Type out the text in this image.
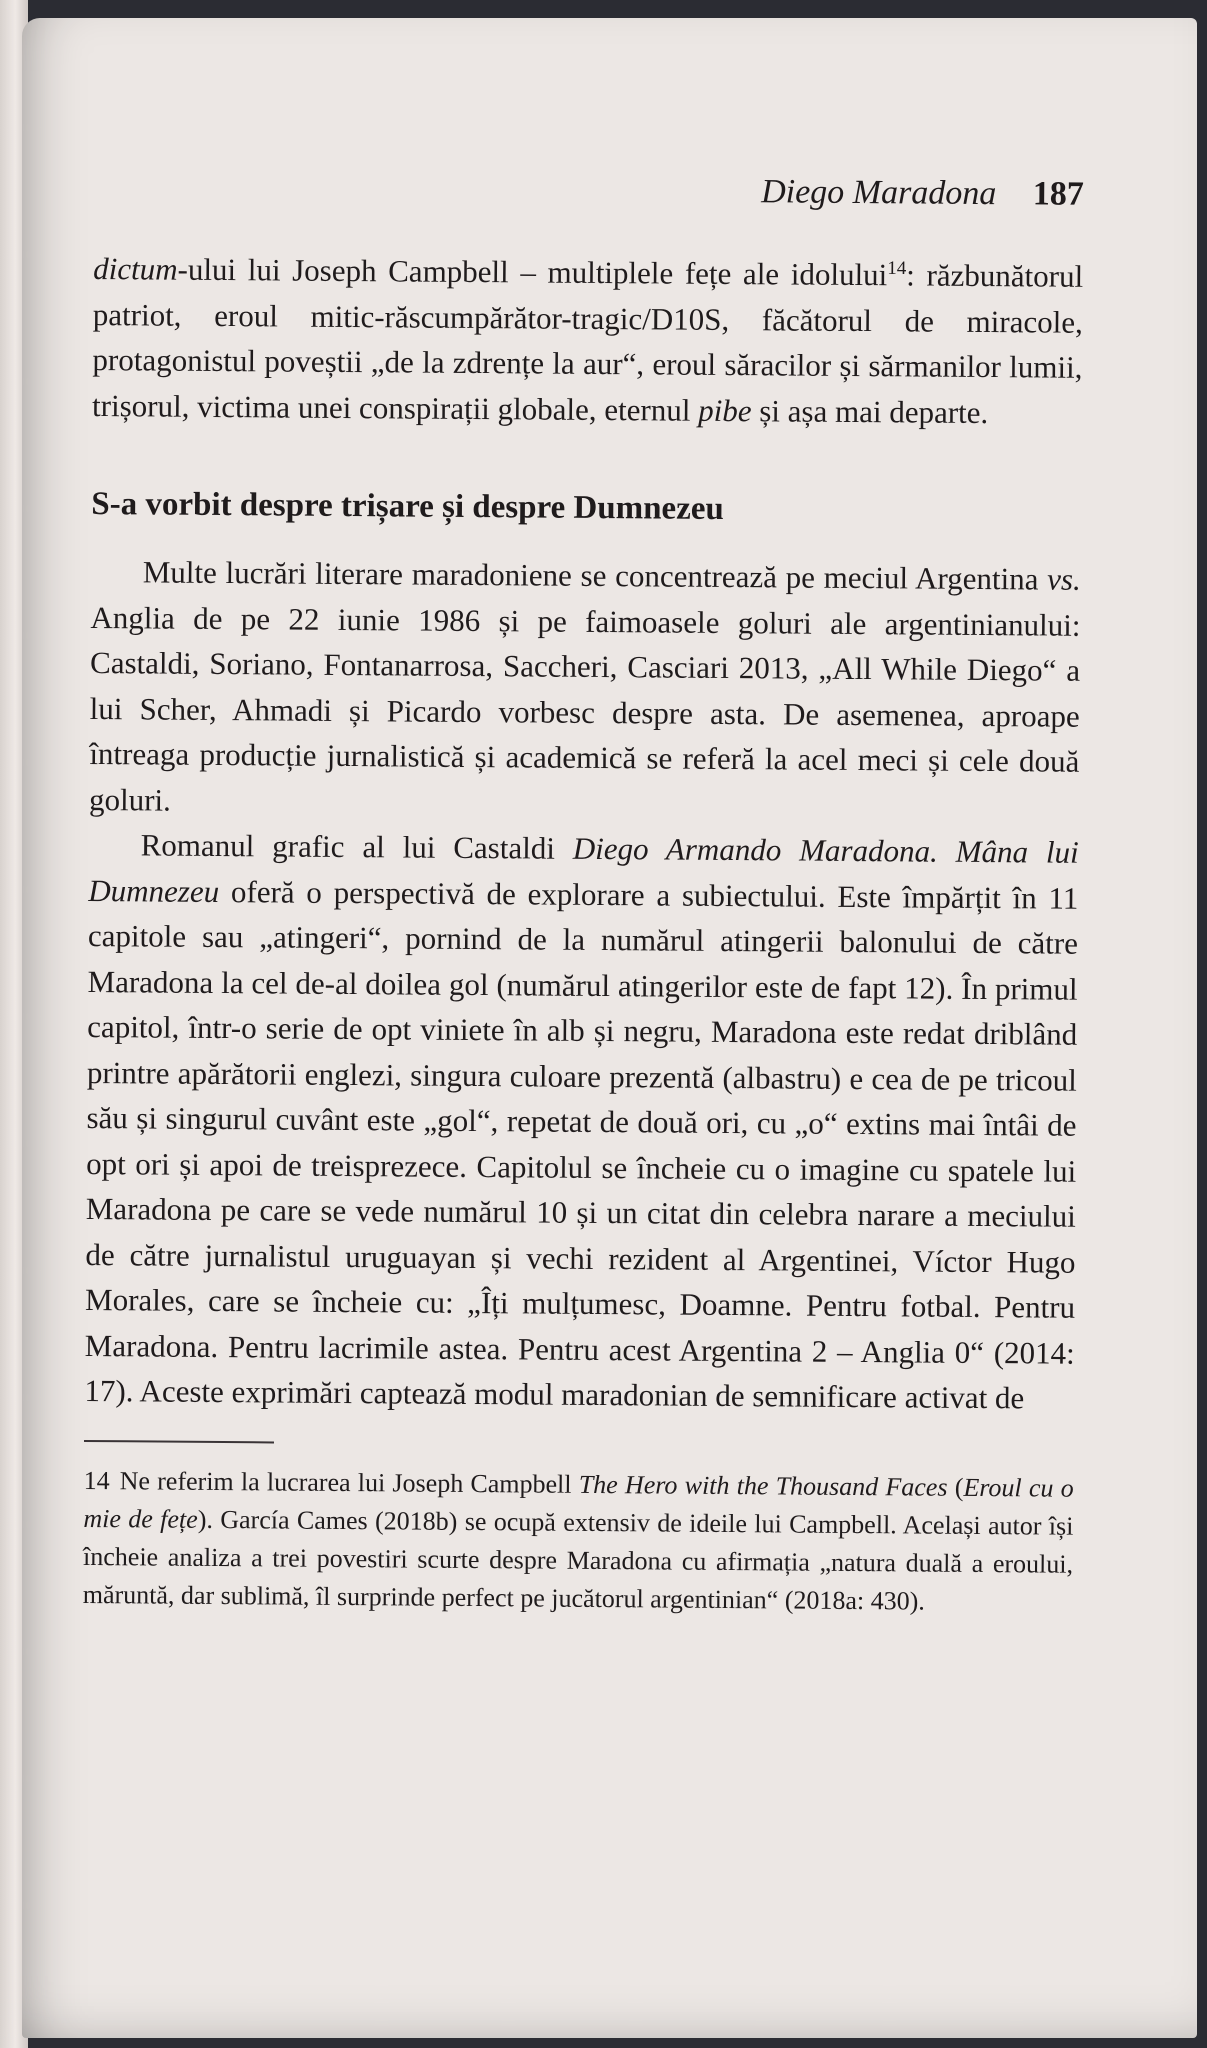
Diego Maradona 187

dictum-ului lui Joseph Campbell – multiplele fețe ale idolului$^{14}$: răzbunătorul patriot, eroul mitic-răscumpărător-tragic/D10S, făcătorul de miracole, protagonistul poveștii „de la zdrențe la aur“, eroul săracilor și sărmanilor lumii, trișorul, victima unei conspirații globale, eternul pibe și așa mai departe.

S-a vorbit despre trișare și despre Dumnezeu

Multe lucrări literare maradoniene se concentrează pe meciul Argentina vs. Anglia de pe 22 iunie 1986 și pe faimoasele goluri ale argentinianului: Castaldi, Soriano, Fontanarrosa, Saccheri, Casciari 2013, „All While Diego“ a lui Scher, Ahmadi și Picardo vorbesc despre asta. De asemenea, aproape întreaga producție jurnalistică și academică se referă la acel meci și cele două goluri.

Romanul grafic al lui Castaldi Diego Armando Maradona. Mâna lui Dumnezeu oferă o perspectivă de explorare a subiectului. Este împărțit în 11 capitole sau „atingeri“, pornind de la numărul atingerii balonului de către Maradona la cel de-al doilea gol (numărul atingerilor este de fapt 12). În primul capitol, într-o serie de opt viniete în alb și negru, Maradona este redat driblând printre apărătorii englezi, singura culoare prezentă (albastru) e cea de pe tricoul său și singurul cuvânt este „gol“, repetat de două ori, cu „o“ extins mai întâi de opt ori și apoi de treisprezece. Capitolul se încheie cu o imagine cu spatele lui Maradona pe care se vede numărul 10 și un citat din celebra narare a meciului de către jurnalistul uruguayan și vechi rezident al Argentinei, Víctor Hugo Morales, care se încheie cu: „Îți mulțumesc, Doamne. Pentru fotbal. Pentru Maradona. Pentru lacrimile astea. Pentru acest Argentina 2 – Anglia 0“ (2014: 17). Aceste exprimări captează modul maradonian de semnificare activat de

14 Ne referim la lucrarea lui Joseph Campbell The Hero with the Thousand Faces (Eroul cu o mie de fețe). García Cames (2018b) se ocupă extensiv de ideile lui Campbell. Același autor își încheie analiza a trei povestiri scurte despre Maradona cu afirmația „natura duală a eroului, măruntă, dar sublimă, îl surprinde perfect pe jucătorul argentinian“ (2018a: 430).
